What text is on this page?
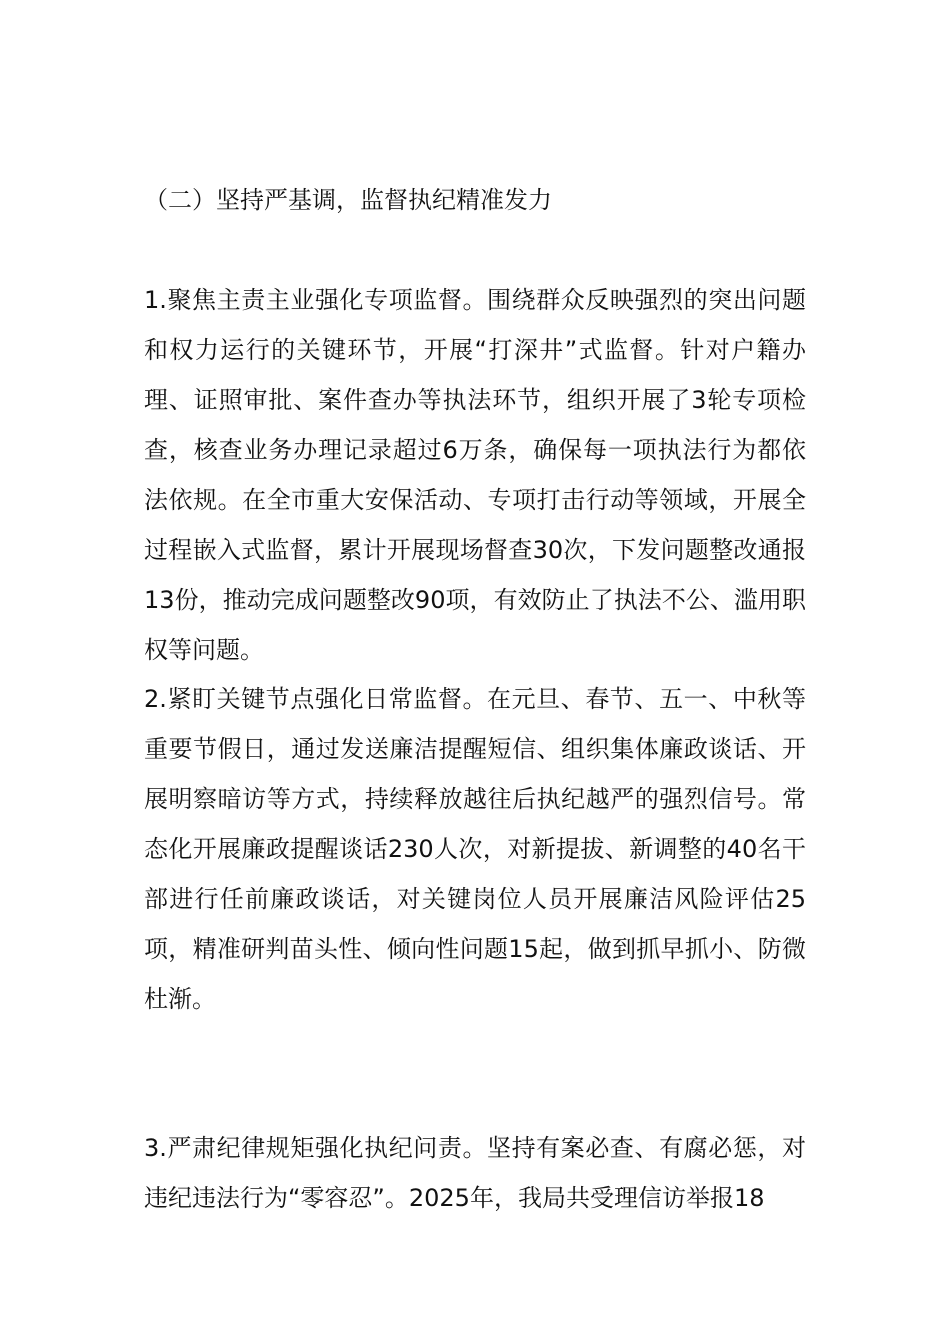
（二）坚持严基调，监督执纪精准发力
1.聚焦主责主业强化专项监督。围绕群众反映强烈的突出问题和权力运行的关键环节，开展“打深井”式监督。针对户籍办理、证照审批、案件查办等执法环节，组织开展了3轮专项检查，核查业务办理记录超过6万条，确保每一项执法行为都依法依规。在全市重大安保活动、专项打击行动等领域，开展全过程嵌入式监督，累计开展现场督查30次，下发问题整改通报13份，推动完成问题整改90项，有效防止了执法不公、滥用职权等问题。
2.紧盯关键节点强化日常监督。在元旦、春节、五一、中秋等重要节假日，通过发送廉洁提醒短信、组织集体廉政谈话、开展明察暗访等方式，持续释放越往后执纪越严的强烈信号。常态化开展廉政提醒谈话230人次，对新提拔、新调整的40名干部进行任前廉政谈话，对关键岗位人员开展廉洁风险评估25项，精准研判苗头性、倾向性问题15起，做到抓早抓小、防微杜渐。
3.严肃纪律规矩强化执纪问责。坚持有案必查、有腐必惩，对违纪违法行为“零容忍”。2025年，我局共受理信访举报18
